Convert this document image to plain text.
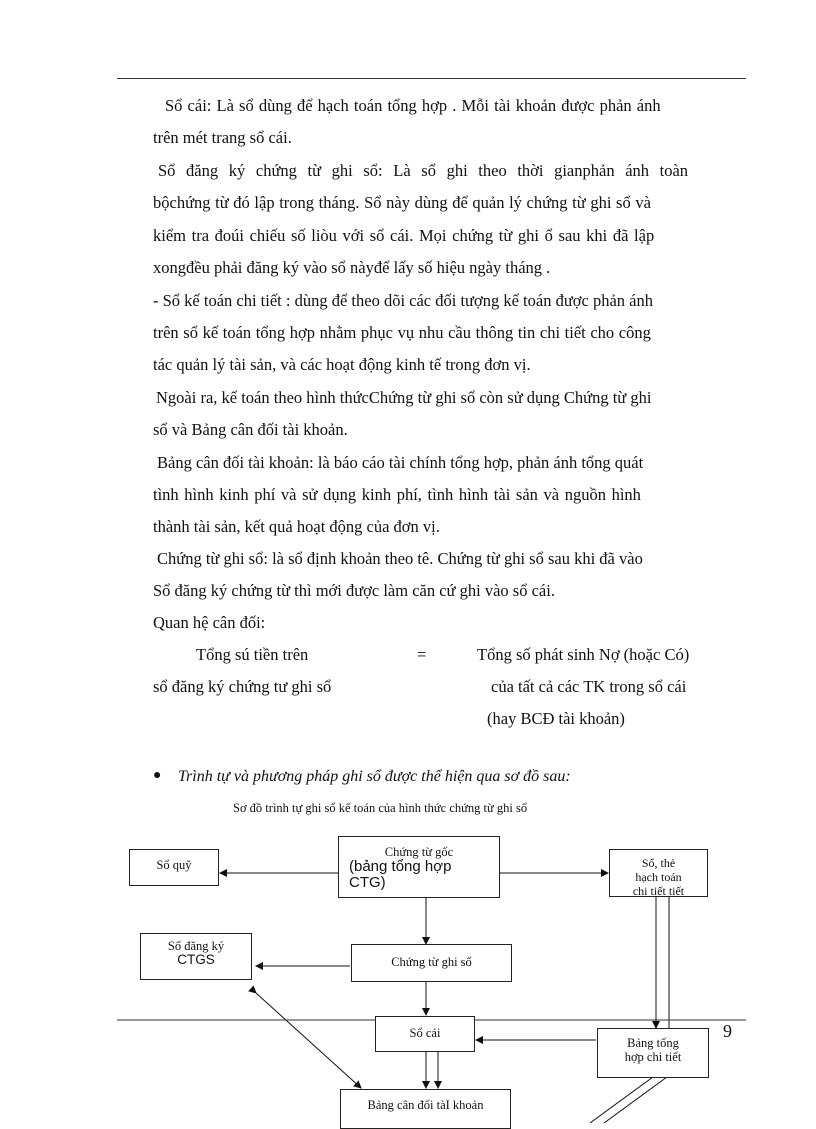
Sổ cái: Là sổ dùng để hạch toán tổng hợp . Mỗi tài khoản được phản ánh
trên mét trang sổ cái.
Sổ đăng ký chứng từ ghi sổ: Là sổ ghi theo thời gianphản ánh toàn
bộchứng từ đó lập trong tháng. Sổ này dùng để quản lý chứng từ ghi sổ và
kiểm tra đoúi chiếu số liòu với sổ cái. Mọi chứng từ ghi ổ sau khi đã lập
xongđều phải đăng ký vào sổ nàyđể lấy số hiệu ngày tháng .
- Sổ kế toán chi tiết : dùng để theo dõi các đối tượng kế toán được phản ánh
trên sổ kế toán tổng hợp nhằm phục vụ nhu cầu thông tin chi tiết cho công
tác quản lý tài sản, và các hoạt động kinh tế trong đơn vị.
Ngoài ra, kế toán theo hình thứcChứng từ ghi sổ còn sử dụng Chứng từ ghi
sổ và Bảng cân đối tài khoản.
Bảng cân đối tài khoản: là báo cáo tài chính tổng hợp, phản ánh tổng quát
tình hình kinh phí và sử dụng kinh phí, tình hình tài sản và nguồn hình
thành tài sản, kết quả hoạt động của đơn vị.
Chứng từ ghi sổ: là sổ định khoản theo tê. Chứng từ ghi sổ sau khi đã vào
Sổ đăng ký chứng từ thì mới được làm căn cứ ghi vào sổ cái.
Quan hệ cân đối:
Tổng sú tiền trên	=	Tổng số phát sinh Nợ (hoặc Có)
sổ đăng ký chứng tư ghi sổ	của tất cả các TK trong sổ cái
(hay BCĐ tài khoản)
● Trình tự và phương pháp ghi sổ được thể hiện qua sơ đồ sau:
Sơ đồ trình tự ghi sổ kế toán của hình thức chứng từ ghi sổ
Chứng từ gốc
(bảng tổng hợp
CTG)
Sổ quỹ	Sổ, thẻ
hạch toán
chi tiết tiết
Sổ đăng ký
CTGS	Chứng từ ghi sổ
Sổ cái
Bảng tổng
hợp chi tiết
Bảng cân đối tàI khoản
9
